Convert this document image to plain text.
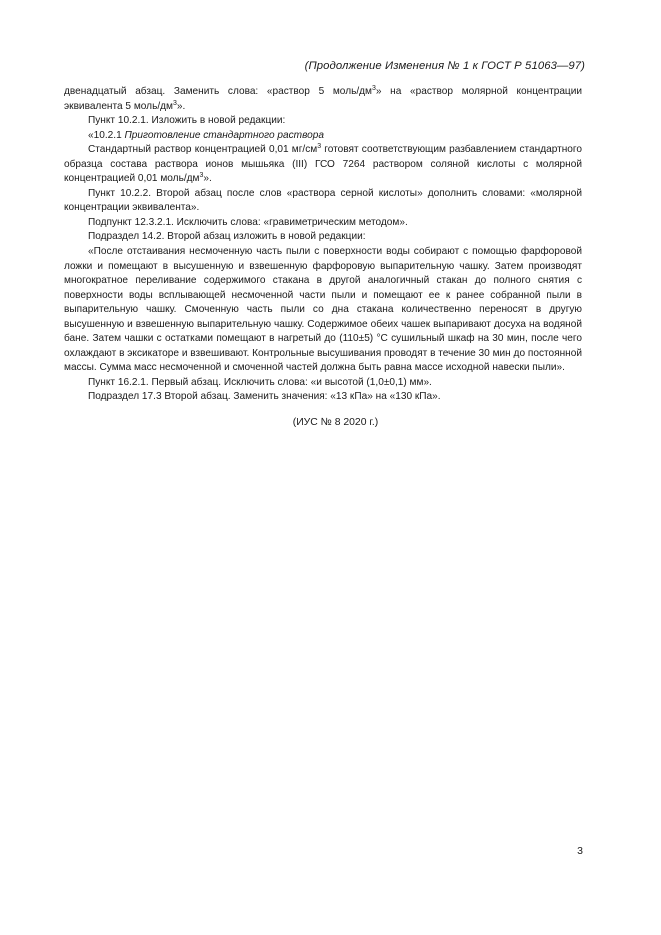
(Продолжение Изменения № 1 к ГОСТ Р 51063—97)

двенадцатый абзац. Заменить слова: «раствор 5 моль/$дм^3$» на «раствор молярной концентрации эквивалента 5 моль/$дм^3$».

Пункт 10.2.1. Изложить в новой редакции:

«10.2.1 Приготовление стандартного раствора

Стандартный раствор концентрацией 0,01 $мг/см^3$ готовят соответствующим разбавлением стандартного образца состава раствора ионов мышьяка (III) ГСО 7264 раствором соляной кислоты с молярной концентрацией 0,01 моль/$дм^3$».

Пункт 10.2.2. Второй абзац после слов «раствора серной кислоты» дополнить словами: «молярной концентрации эквивалента».

Подпункт 12.3.2.1. Исключить слова: «гравиметрическим методом».

Подраздел 14.2. Второй абзац изложить в новой редакции:

«После отстаивания несмоченную часть пыли с поверхности воды собирают с помощью фарфоровой ложки и помещают в высушенную и взвешенную фарфоровую выпарительную чашку. Затем производят многократное переливание содержимого стакана в другой аналогичный стакан до полного снятия с поверхности воды всплывающей несмоченной части пыли и помещают ее к ранее собранной пыли в выпарительную чашку. Смоченную часть пыли со дна стакана количественно переносят в другую высушенную и взвешенную выпарительную чашку. Содержимое обеих чашек выпаривают досуха на водяной бане. Затем чашки с остатками помещают в нагретый до (110±5) °С сушильный шкаф на 30 мин, после чего охлаждают в эксикаторе и взвешивают. Контрольные высушивания проводят в течение 30 мин до постоянной массы. Сумма масс несмоченной и смоченной частей должна быть равна массе исходной навески пыли».

Пункт 16.2.1. Первый абзац. Исключить слова: «и высотой (1,0±0,1) мм».

Подраздел 17.3 Второй абзац. Заменить значения: «13 кПа» на «130 кПа».

(ИУС № 8 2020 г.)
3
